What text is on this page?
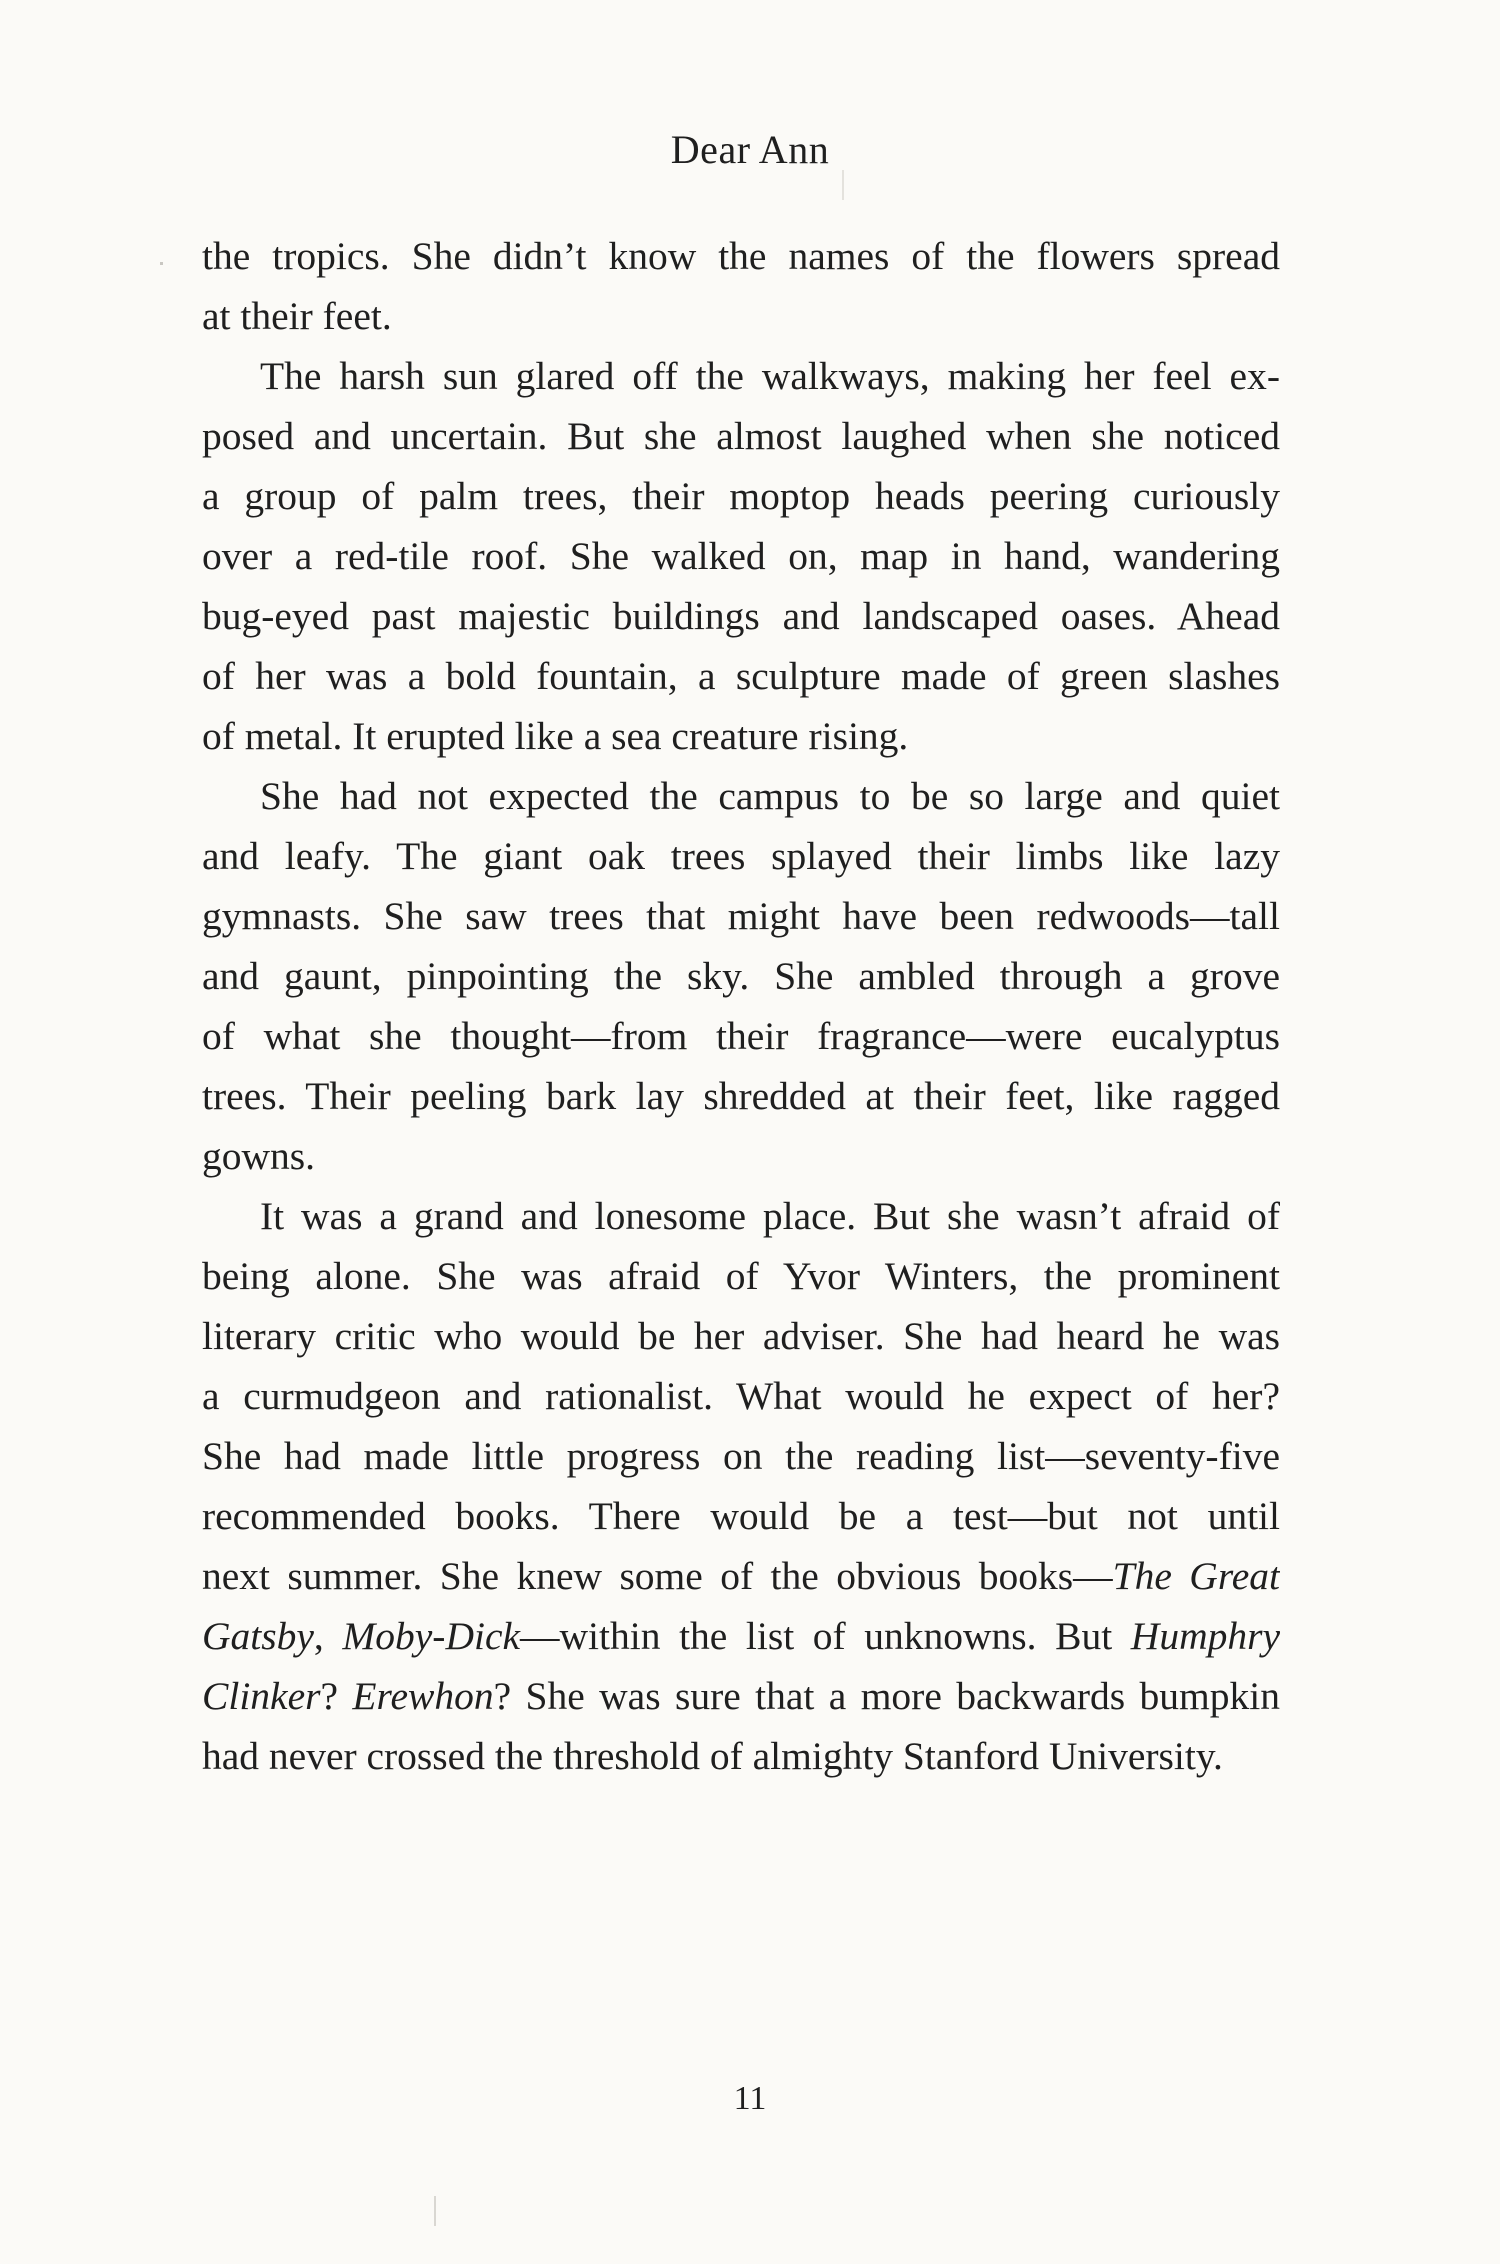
Dear Ann
the tropics. She didn’t know the names of the flowers spread
at their feet.
The harsh sun glared off the walkways, making her feel ex-
posed and uncertain. But she almost laughed when she noticed
a group of palm trees, their moptop heads peering curiously
over a red-tile roof. She walked on, map in hand, wandering
bug-eyed past majestic buildings and landscaped oases. Ahead
of her was a bold fountain, a sculpture made of green slashes
of metal. It erupted like a sea creature rising.
She had not expected the campus to be so large and quiet
and leafy. The giant oak trees splayed their limbs like lazy
gymnasts. She saw trees that might have been redwoods—tall
and gaunt, pinpointing the sky. She ambled through a grove
of what she thought—from their fragrance—were eucalyptus
trees. Their peeling bark lay shredded at their feet, like ragged
gowns.
It was a grand and lonesome place. But she wasn’t afraid of
being alone. She was afraid of Yvor Winters, the prominent
literary critic who would be her adviser. She had heard he was
a curmudgeon and rationalist. What would he expect of her?
She had made little progress on the reading list—seventy-five
recommended books. There would be a test—but not until
next summer. She knew some of the obvious books—The Great
Gatsby, Moby-Dick—within the list of unknowns. But Humphry
Clinker? Erewhon? She was sure that a more backwards bumpkin
had never crossed the threshold of almighty Stanford University.
11
